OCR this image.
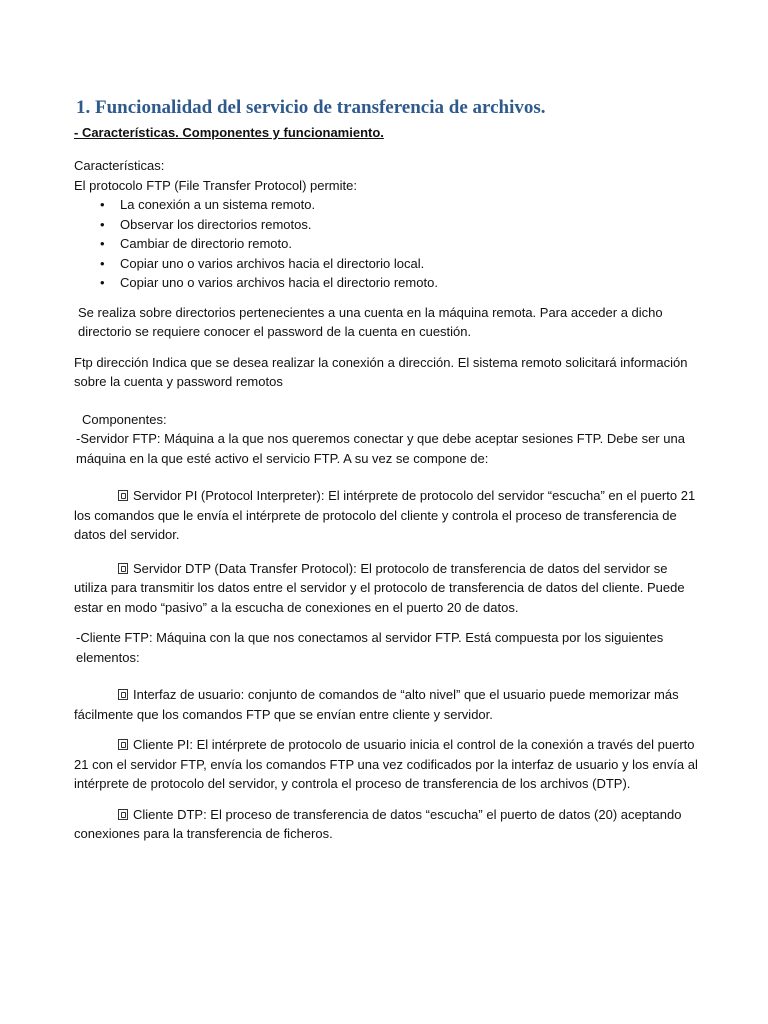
1. Funcionalidad del servicio de transferencia de archivos.
- Características. Componentes y funcionamiento.

Características:

El protocolo FTP (File Transfer Protocol) permite:

• La conexión a un sistema remoto.
• Observar los directorios remotos.
• Cambiar de directorio remoto.
• Copiar uno o varios archivos hacia el directorio local.
• Copiar uno o varios archivos hacia el directorio remoto.

Se realiza sobre directorios pertenecientes a una cuenta en la máquina remota. Para acceder a dicho directorio se requiere conocer el password de la cuenta en cuestión.

Ftp dirección Indica que se desea realizar la conexión a dirección. El sistema remoto solicitará información sobre la cuenta y password remotos

Componentes:

-Servidor FTP: Máquina a la que nos queremos conectar y que debe aceptar sesiones FTP. Debe ser una máquina en la que esté activo el servicio FTP. A su vez se compone de:

Servidor PI (Protocol Interpreter): El intérprete de protocolo del servidor “escucha” en el puerto 21 los comandos que le envía el intérprete de protocolo del cliente y controla el proceso de transferencia de datos del servidor.

Servidor DTP (Data Transfer Protocol): El protocolo de transferencia de datos del servidor se utiliza para transmitir los datos entre el servidor y el protocolo de transferencia de datos del cliente. Puede estar en modo “pasivo” a la escucha de conexiones en el puerto 20 de datos.

-Cliente FTP: Máquina con la que nos conectamos al servidor FTP. Está compuesta por los siguientes elementos:

Interfaz de usuario: conjunto de comandos de “alto nivel” que el usuario puede memorizar más fácilmente que los comandos FTP que se envían entre cliente y servidor.

Cliente PI: El intérprete de protocolo de usuario inicia el control de la conexión a través del puerto 21 con el servidor FTP, envía los comandos FTP una vez codificados por la interfaz de usuario y los envía al intérprete de protocolo del servidor, y controla el proceso de transferencia de los archivos (DTP).

Cliente DTP: El proceso de transferencia de datos “escucha” el puerto de datos (20) aceptando conexiones para la transferencia de ficheros.
